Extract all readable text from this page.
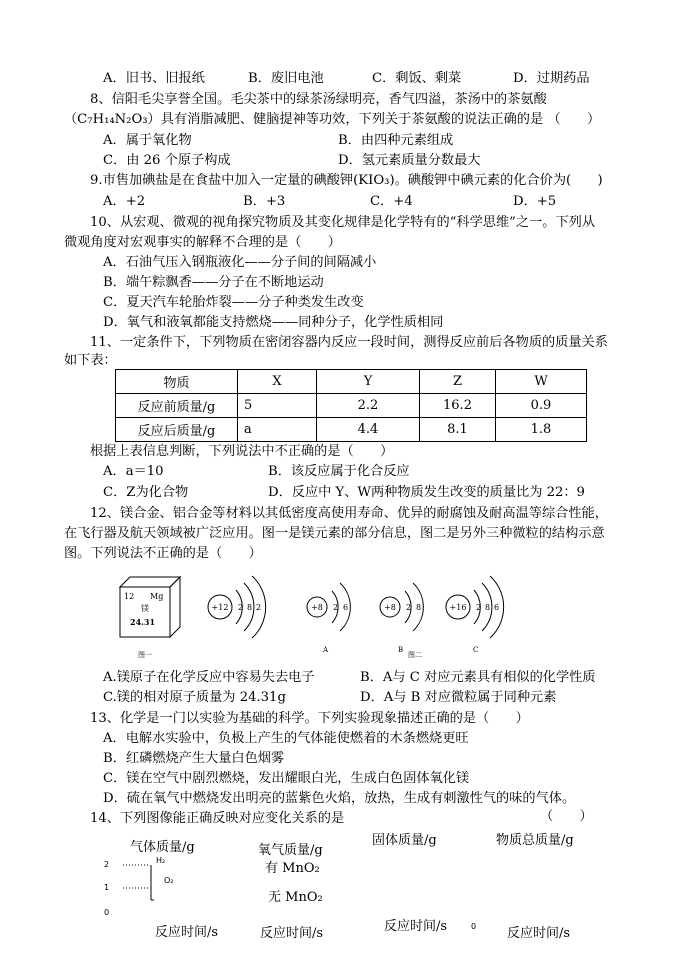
A．旧书、旧报纸	B．废旧电池	C．剩饭、剩菜	D．过期药品
8、信阳毛尖享誉全国。毛尖茶中的绿茶汤绿明亮，香气四溢，茶汤中的茶氨酸
（C₇H₁₄N₂O₃）具有消脂减肥、健脑提神等功效，下列关于茶氨酸的说法正确的是 （　　）
A．属于氧化物	B．由四种元素组成
C．由 26 个原子构成	D．氢元素质量分数最大
9.市售加碘盐是在食盐中加入一定量的碘酸钾(KIO₃)。碘酸钾中碘元素的化合价为(　　)
A．+2	B．+3	C．+4	D．+5
10、从宏观、微观的视角探究物质及其变化规律是化学特有的“科学思维”之一。下列从
微观角度对宏观事实的解释不合理的是（　　）
A．石油气压入钢瓶液化——分子间的间隔减小
B．端午粽飘香——分子在不断地运动
C．夏天汽车轮胎炸裂——分子种类发生改变
D．氧气和液氧都能支持燃烧——同种分子，化学性质相同
11、一定条件下，下列物质在密闭容器内反应一段时间，测得反应前后各物质的质量关系
如下表：
物质	X	Y	Z	W
反应前质量/g	5	2.2	16.2	0.9
反应后质量/g	a	4.4	8.1	1.8
根据上表信息判断，下列说法中不正确的是（　　）
A．a＝10	B．该反应属于化合反应
C．Z为化合物	D．反应中 Y、W两种物质发生改变的质量比为 22：9
12、镁合金、铝合金等材料以其低密度高使用寿命、优异的耐腐蚀及耐高温等综合性能，
在飞行器及航天领域被广泛应用。图一是镁元素的部分信息，图二是另外三种微粒的结构示意
图。下列说法不正确的是（　　）
12 Mg
镁
24.31
图一
+12 2 8 2	+8 2 6
A
+8 2 8
B
图二
+16 2 8 6
C
A.镁原子在化学反应中容易失去电子	B．A与 C 对应元素具有相似的化学性质
C.镁的相对原子质量为 24.31g	D．A与 B 对应微粒属于同种元素
13、化学是一门以实验为基础的科学。下列实验现象描述正确的是（　　）
A．电解水实验中，负极上产生的气体能使燃着的木条燃烧更旺
B．红磷燃烧产生大量白色烟雾
C．镁在空气中剧烈燃烧，发出耀眼白光，生成白色固体氧化镁
D．硫在氧气中燃烧发出明亮的蓝紫色火焰，放热，生成有刺激性气的味的气体。
14、下列图像能正确反映对应变化关系的是	（　　）
气体质量/g	氧气质量/g
固体质量/g	物质总质量/g
2
1
0
H₂
O₂
有 MnO₂
无 MnO₂
0
反应时间/s	反应时间/s	反应时间/s	反应时间/s
